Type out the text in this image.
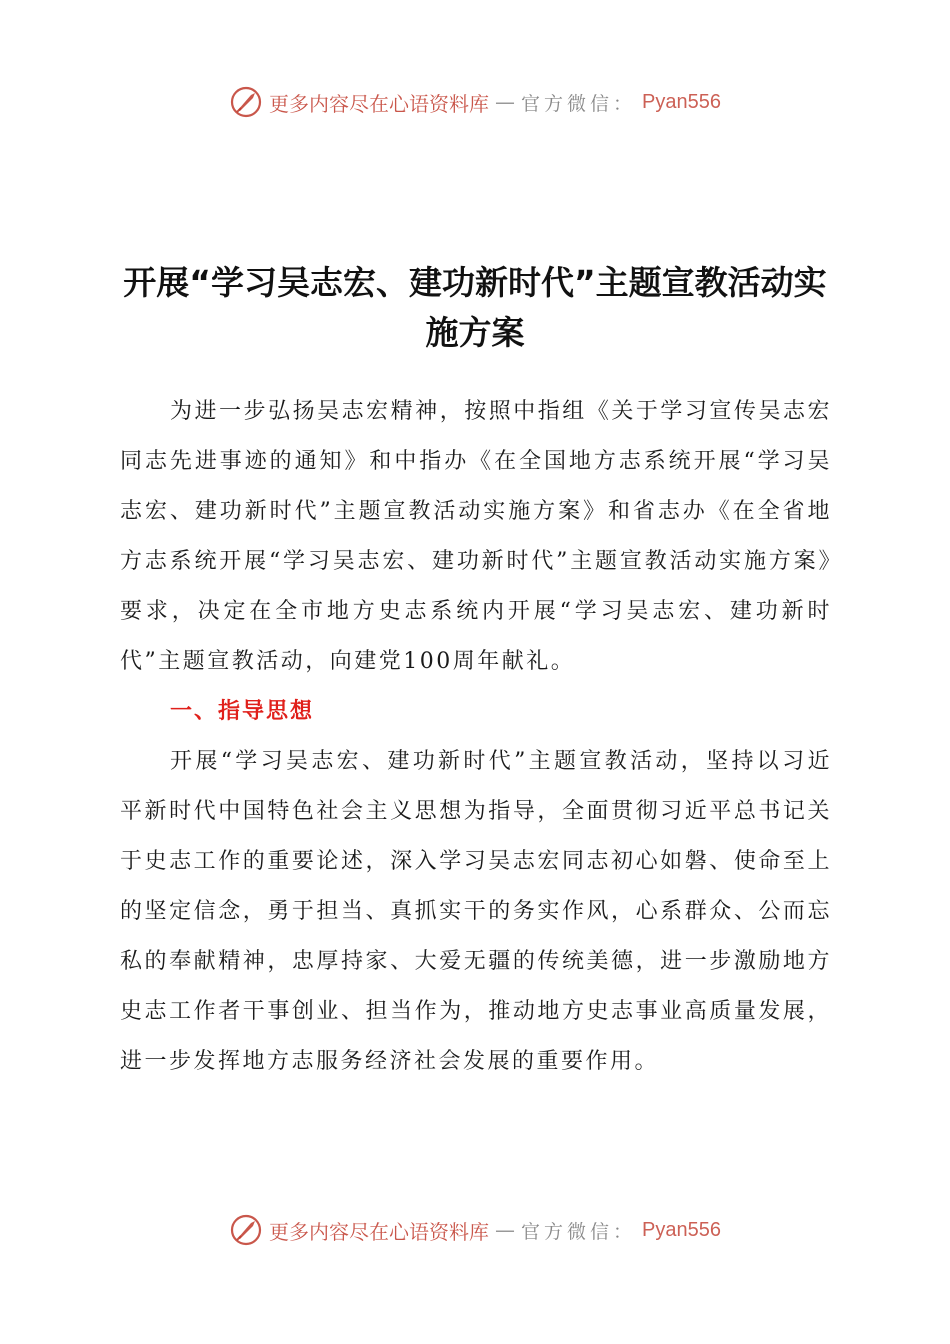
更多内容尽在心语资料库 — 官方微信： Pyan556
开展“学习吴志宏、建功新时代”主题宣教活动实施方案

为进一步弘扬吴志宏精神，按照中指组《关于学习宣传吴志宏同志先进事迹的通知》和中指办《在全国地方志系统开展“学习吴志宏、建功新时代”主题宣教活动实施方案》和省志办《在全省地方志系统开展“学习吴志宏、建功新时代”主题宣教活动实施方案》要求，决定在全市地方史志系统内开展“学习吴志宏、建功新时代”主题宣教活动，向建党100周年献礼。

一、指导思想

开展“学习吴志宏、建功新时代”主题宣教活动，坚持以习近平新时代中国特色社会主义思想为指导，全面贯彻习近平总书记关于史志工作的重要论述，深入学习吴志宏同志初心如磐、使命至上的坚定信念，勇于担当、真抓实干的务实作风，心系群众、公而忘私的奉献精神，忠厚持家、大爱无疆的传统美德，进一步激励地方史志工作者干事创业、担当作为，推动地方史志事业高质量发展，进一步发挥地方志服务经济社会发展的重要作用。

更多内容尽在心语资料库 — 官方微信： Pyan556
